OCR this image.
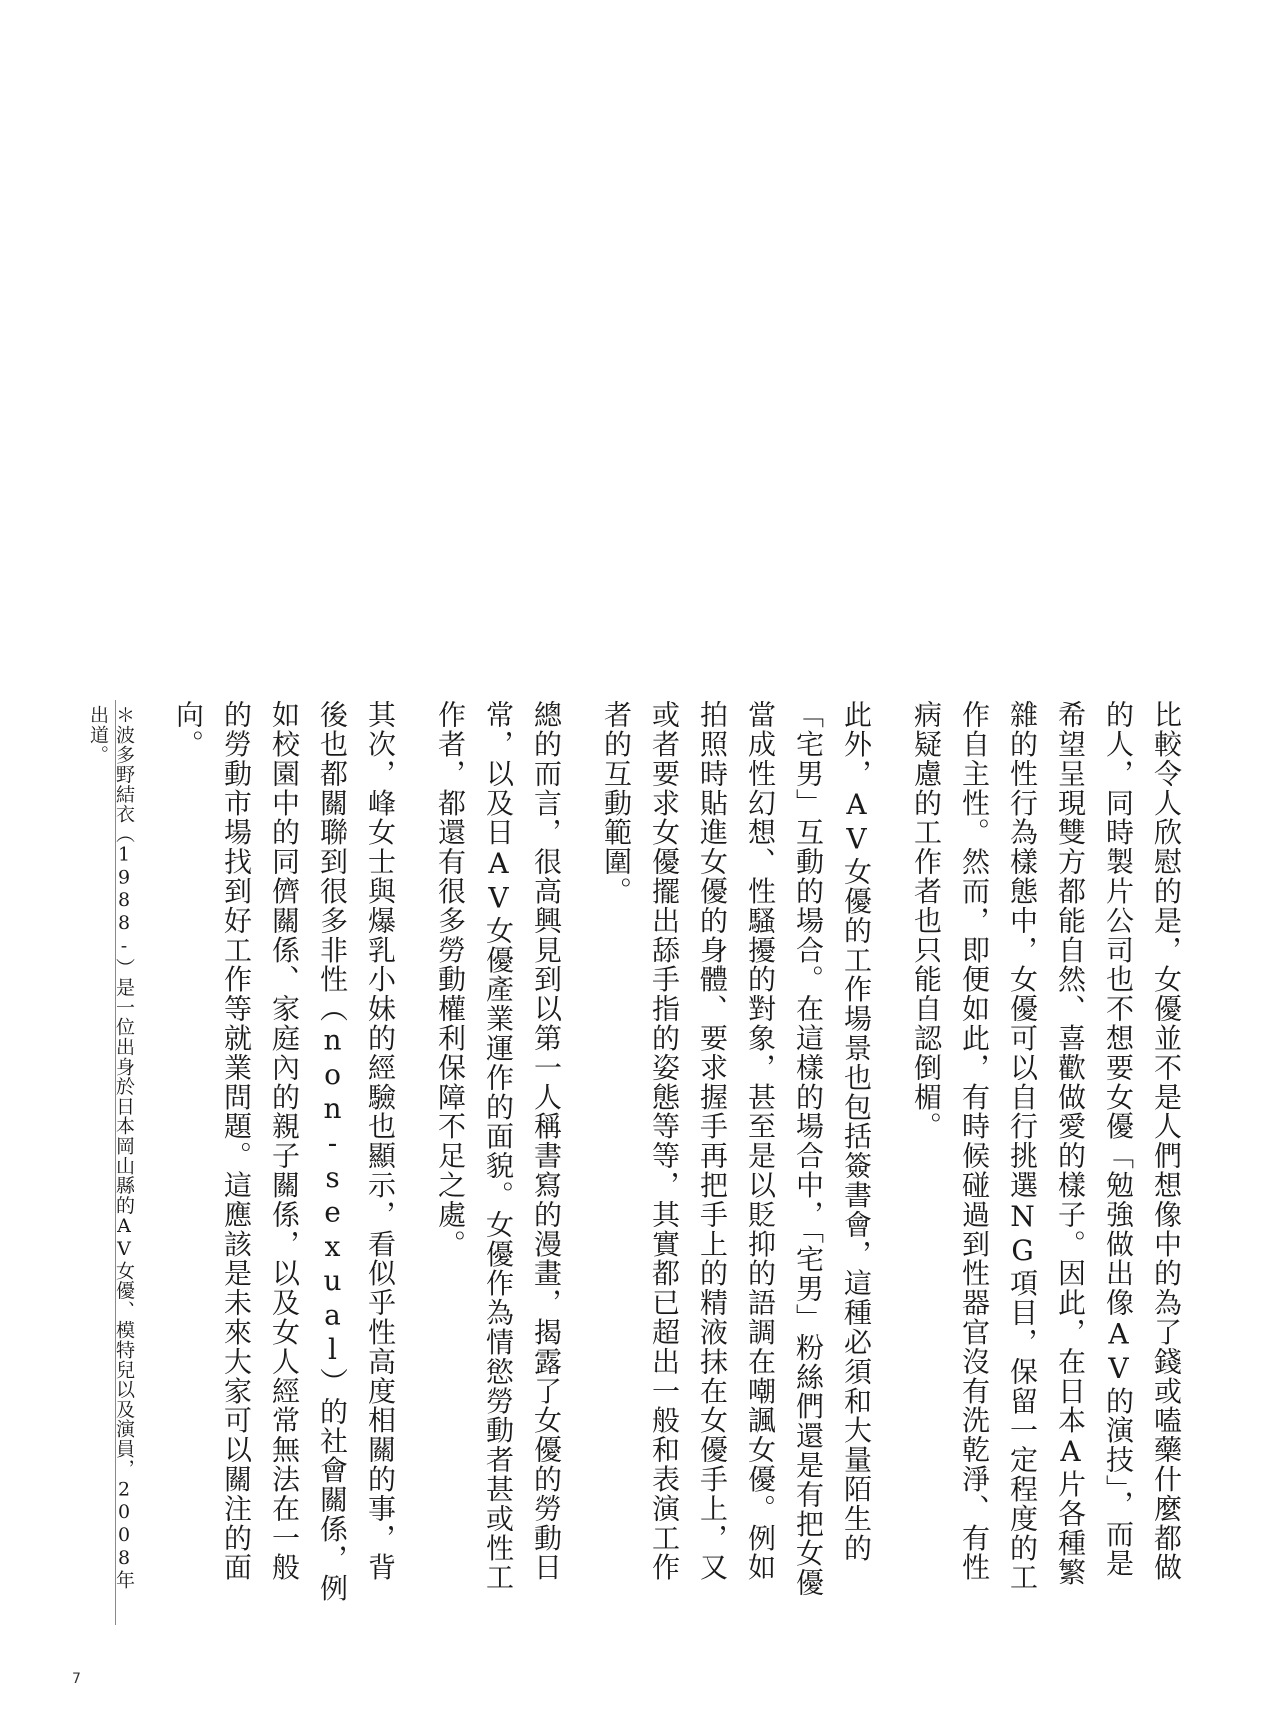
比較令人欣慰的是，女優並不是人們想像中的為了錢或嗑藥什麼都做的人，同時製片公司也不想要女優「勉強做出像AV的演技」，而是希望呈現雙方都能自然、喜歡做愛的樣子。因此，在日本A片各種繁雜的性行為樣態中，女優可以自行挑選NG項目，保留一定程度的工作自主性。然而，即便如此，有時候碰過到性器官沒有洗乾淨、有性病疑慮的工作者也只能自認倒楣。

此外，AV女優的工作場景也包括簽書會，這種必須和大量陌生的「宅男」互動的場合。在這樣的場合中，「宅男」粉絲們還是有把女優當成性幻想、性騷擾的對象，甚至是以貶抑的語調在嘲諷女優。例如拍照時貼進女優的身體、要求握手再把手上的精液抹在女優手上，又或者要求女優擺出舔手指的姿態等等，其實都已超出一般和表演工作者的互動範圍。

總的而言，很高興見到以第一人稱書寫的漫畫，揭露了女優的勞動日常，以及日AV女優產業運作的面貌。女優作為情慾勞動者甚或性工作者，都還有很多勞動權利保障不足之處。

其次，峰女士與爆乳小妹的經驗也顯示，看似乎性高度相關的事，背後也都關聯到很多非性（non-sexual）的社會關係，例如校園中的同儕關係、家庭內的親子關係，以及女人經常無法在一般的勞動市場找到好工作等就業問題。這應該是未來大家可以關注的面向。

＊波多野結衣（1988-）是一位出身於日本岡山縣的AV女優、模特兒以及演員，2008年出道。
7
